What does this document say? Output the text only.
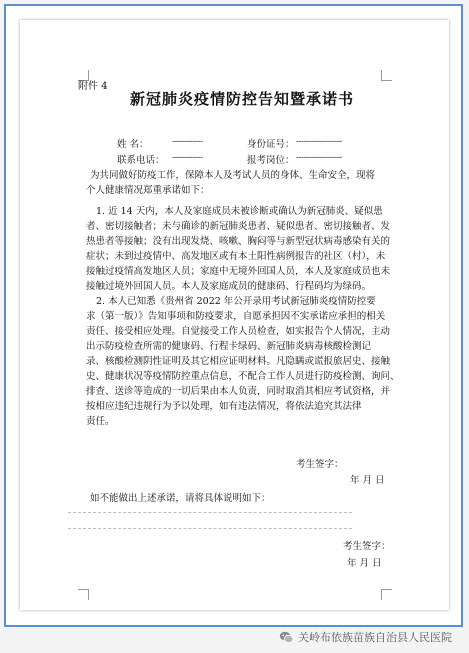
附件 4
新冠肺炎疫情防控告知暨承诺书
姓 名：	------------	身份证号： ------------------
联系电话： ------------	报考岗位： ------------------
为共同做好防疫工作，保障本人及考试人员的身体、生命安全，现将
个人健康情况郑重承诺如下：
1. 近 14 天内，本人及家庭成员未被诊断或确认为新冠肺炎、疑似患
者、密切接触者；未与确诊的新冠肺炎患者、疑似患者、密切接触者、发
热患者等接触；没有出现发烧、咳嗽、胸闷等与新型冠状病毒感染有关的
症状；未到过疫情中、高发地区或有本土阳性病例报告的社区（村），未
接触过疫情高发地区人员；家庭中无境外回国人员，本人及家庭成员也未
接触过境外回国人员。本人及家庭成员的健康码、行程码均为绿码。
2. 本人已知悉《贵州省 2022 年公开录用考试新冠肺炎疫情防控要
求（第一版）》告知事项和防疫要求，自愿承担因不实承诺应承担的相关
责任、接受相应处理。自觉接受工作人员检查，如实报告个人情况，主动
出示防疫检查所需的健康码、行程卡绿码、新冠肺炎病毒核酸检测记
录、核酸检测阴性证明及其它相应证明材料。凡隐瞒或谎报旅居史、接触
史、健康状况等疫情防控重点信息，不配合工作人员进行防疫检测、询问、
排查、送诊等造成的一切后果由本人负责，同时取消其相应考试资格，并
按相应违纪违规行为予以处理，如有违法情况，将依法追究其法律
责任。
考生签字：
年 月 日
如不能做出上述承诺，请将具体说明如下：
考生签字：
年 月 日
关岭布依族苗族自治县人民医院
